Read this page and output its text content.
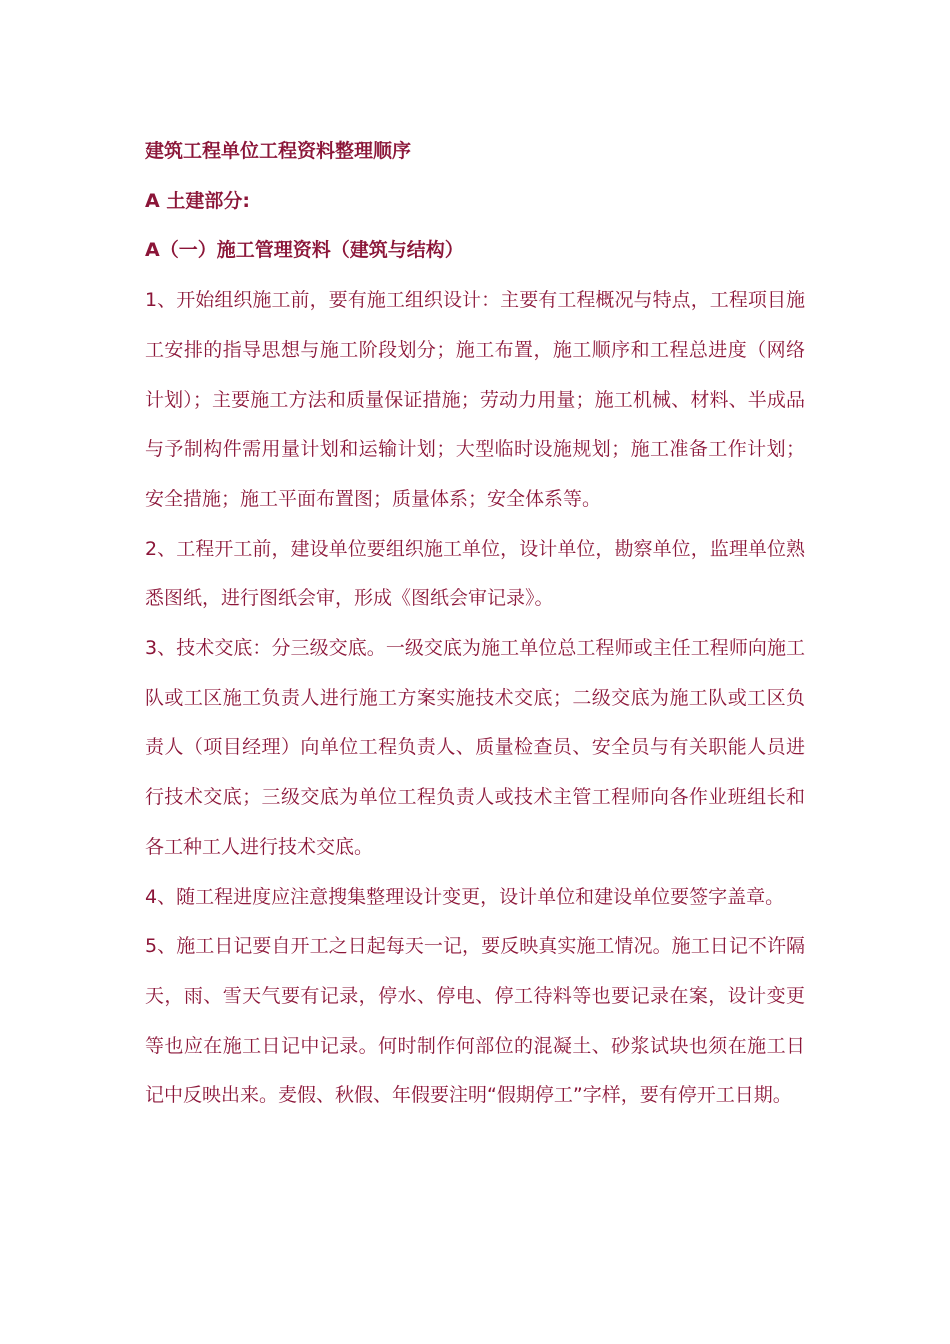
建筑工程单位工程资料整理顺序

A 土建部分:

A（一）施工管理资料（建筑与结构）

1、开始组织施工前，要有施工组织设计：主要有工程概况与特点，工程项目施工安排的指导思想与施工阶段划分；施工布置，施工顺序和工程总进度（网络计划）；主要施工方法和质量保证措施；劳动力用量；施工机械、材料、半成品与予制构件需用量计划和运输计划；大型临时设施规划；施工准备工作计划；安全措施；施工平面布置图；质量体系；安全体系等。

2、工程开工前，建设单位要组织施工单位，设计单位，勘察单位，监理单位熟悉图纸，进行图纸会审，形成《图纸会审记录》。

3、技术交底：分三级交底。一级交底为施工单位总工程师或主任工程师向施工队或工区施工负责人进行施工方案实施技术交底；二级交底为施工队或工区负责人（项目经理）向单位工程负责人、质量检查员、安全员与有关职能人员进行技术交底；三级交底为单位工程负责人或技术主管工程师向各作业班组长和各工种工人进行技术交底。

4、随工程进度应注意搜集整理设计变更，设计单位和建设单位要签字盖章。

5、施工日记要自开工之日起每天一记，要反映真实施工情况。施工日记不许隔天，雨、雪天气要有记录，停水、停电、停工待料等也要记录在案，设计变更等也应在施工日记中记录。何时制作何部位的混凝土、砂浆试块也须在施工日记中反映出来。麦假、秋假、年假要注明“假期停工”字样，要有停开工日期。
